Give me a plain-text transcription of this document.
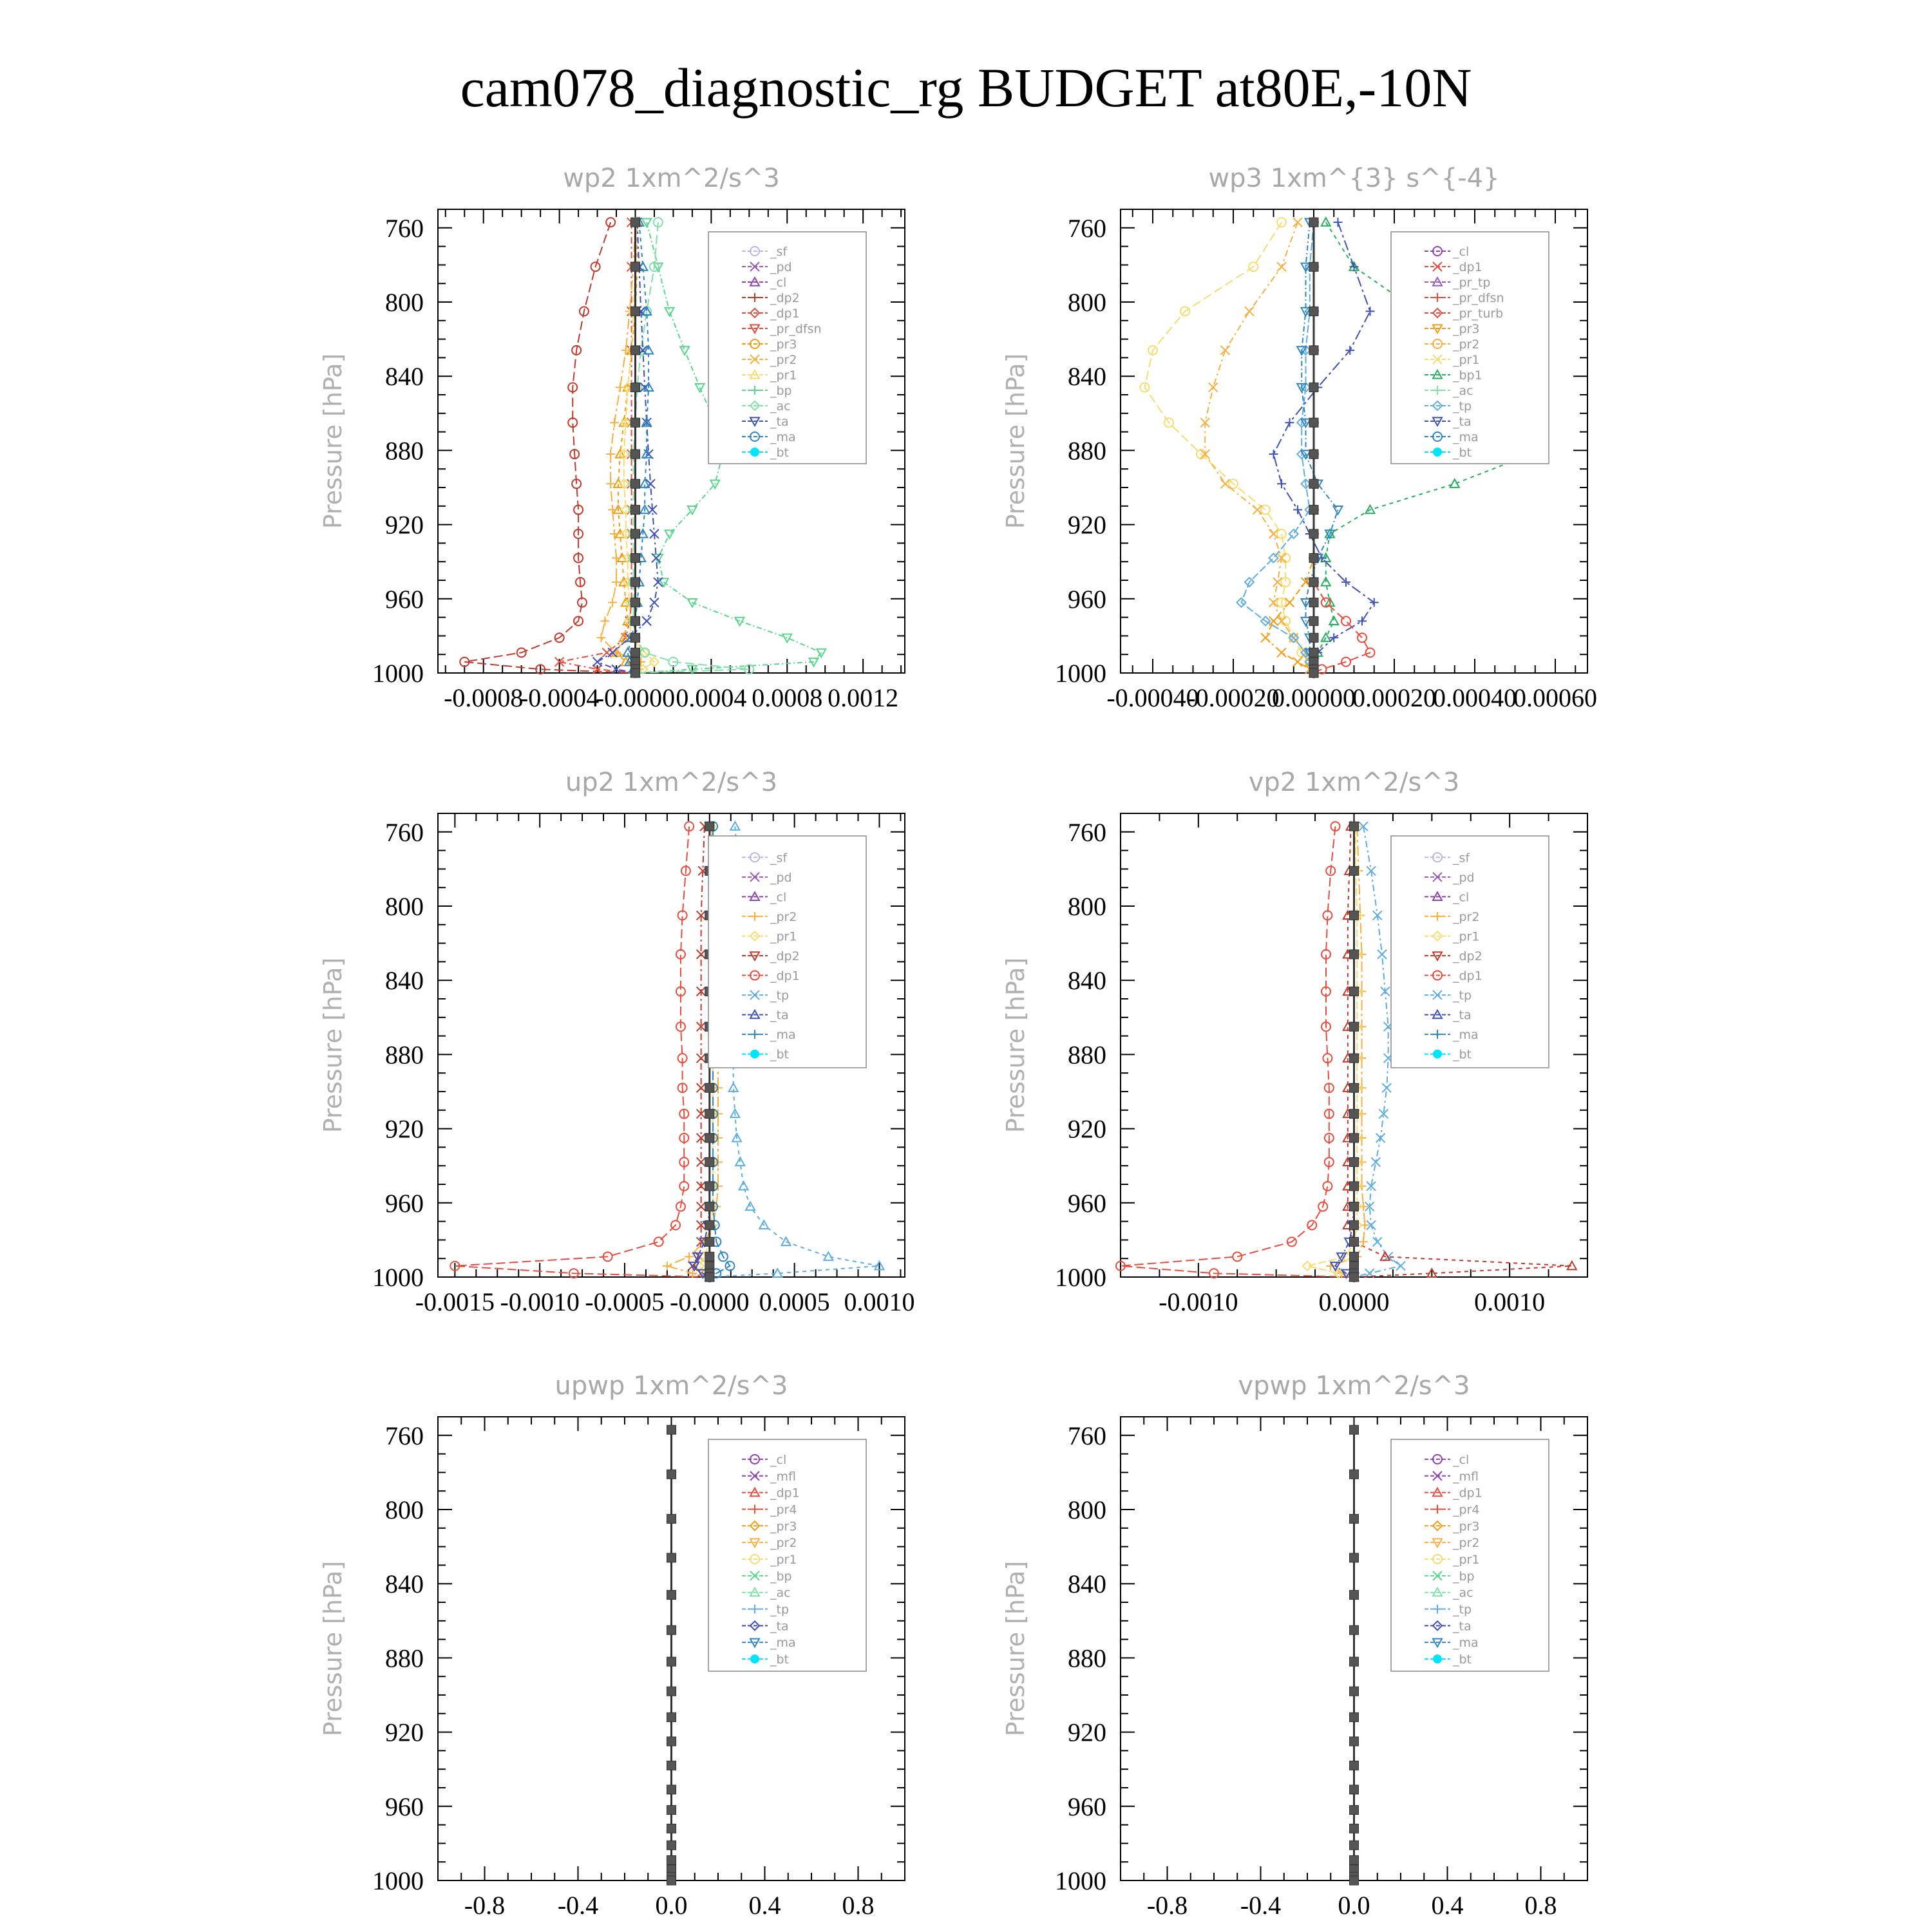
cam078_diagnostic_rg BUDGET at80E,-10N
wp2 1xm^2/s^3
Pressure [hPa]
760
800
840
880
920
960
1000
-0.0008
-0.0004
-0.0000 0.0004 0.0008 0.0012
_sf
_pd
_cl
_dp2
_dp1
_pr_dfsn
_pr3
_pr2
_pr1
_bp
_ac
_ta
_ma
_bt
wp3 1xm^{3} s^{-4}
Pressure [hPa]
760
800
840
880
920
960
1000
-0.00040
-0.00020
0.00000
0.00020
0.00040
0.00060
_cl
_dp1
_pr_tp
_pr_dfsn
_pr_turb
_pr3
_pr2
_pr1
_bp1
_ac
_tp
_ta
_ma
_bt
up2 1xm^2/s^3
Pressure [hPa]
760
800
840
880
920
960
1000
-0.0015 -0.0010 -0.0005 -0.0000 0.0005 0.0010
_sf
_pd
_cl
_pr2
_pr1
_dp2
_dp1
_tp
_ta
_ma
_bt
vp2 1xm^2/s^3
Pressure [hPa]
760
800
840
880
920
960
1000
-0.0010	0.0000	0.0010
_sf
_pd
_cl
_pr2
_pr1
_dp2
_dp1
_tp
_ta
_ma
_bt
upwp 1xm^2/s^3
Pressure [hPa]
760
800
840
880
920
960
1000
-0.8 -0.4 0.0 0.4 0.8
_cl
_mfl
_dp1
_pr4
_pr3
_pr2
_pr1
_bp
_ac
_tp
_ta
_ma
_bt
vpwp 1xm^2/s^3
Pressure [hPa]
760
800
840
880
920
960
1000
-0.8 -0.4 0.0 0.4 0.8
_cl
_mfl
_dp1
_pr4
_pr3
_pr2
_pr1
_bp
_ac
_tp
_ta
_ma
_bt
